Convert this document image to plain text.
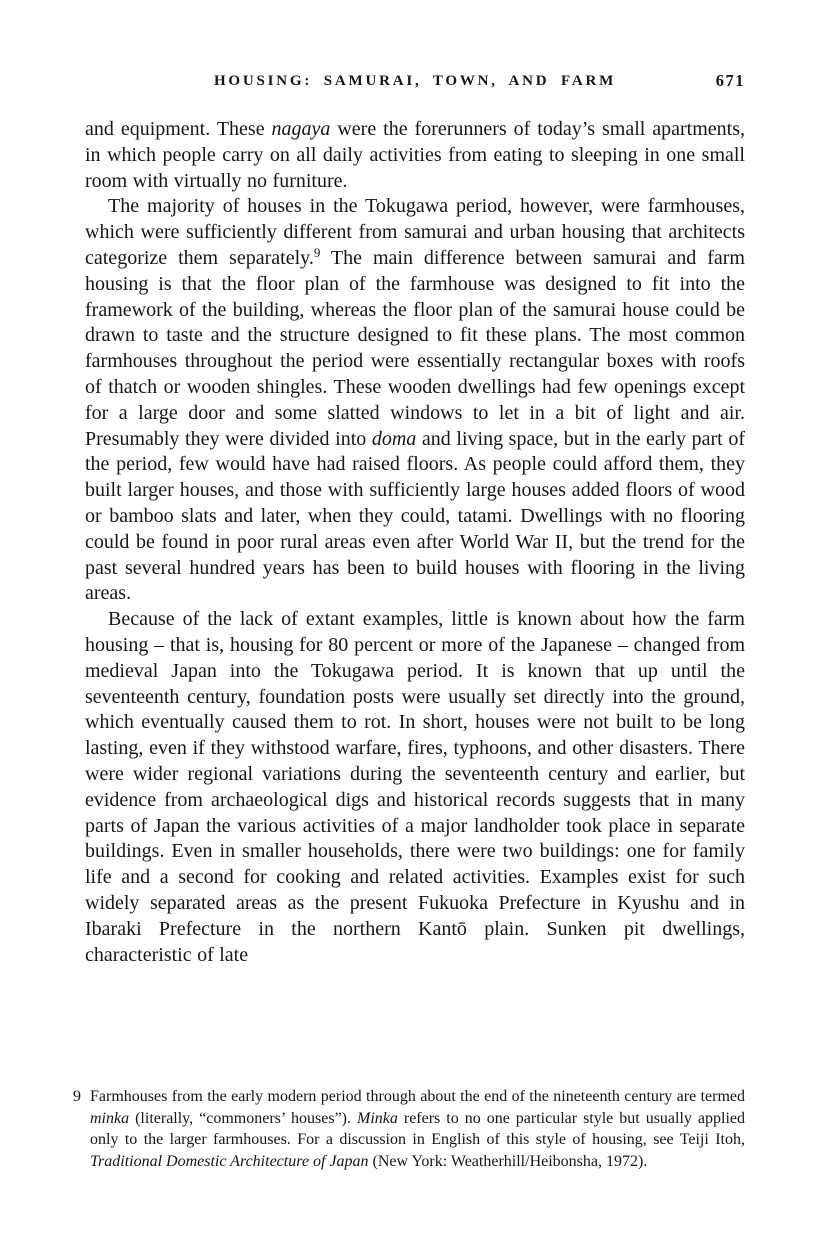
HOUSING: SAMURAI, TOWN, AND FARM	671

and equipment. These nagaya were the forerunners of today’s small apartments, in which people carry on all daily activities from eating to sleeping in one small room with virtually no furniture.

The majority of houses in the Tokugawa period, however, were farmhouses, which were sufficiently different from samurai and urban housing that architects categorize them separately.$^9$ The main difference between samurai and farm housing is that the floor plan of the farmhouse was designed to fit into the framework of the building, whereas the floor plan of the samurai house could be drawn to taste and the structure designed to fit these plans. The most common farmhouses throughout the period were essentially rectangular boxes with roofs of thatch or wooden shingles. These wooden dwellings had few openings except for a large door and some slatted windows to let in a bit of light and air. Presumably they were divided into doma and living space, but in the early part of the period, few would have had raised floors. As people could afford them, they built larger houses, and those with sufficiently large houses added floors of wood or bamboo slats and later, when they could, tatami. Dwellings with no flooring could be found in poor rural areas even after World War II, but the trend for the past several hundred years has been to build houses with flooring in the living areas.

Because of the lack of extant examples, little is known about how the farm housing – that is, housing for 80 percent or more of the Japanese – changed from medieval Japan into the Tokugawa period. It is known that up until the seventeenth century, foundation posts were usually set directly into the ground, which eventually caused them to rot. In short, houses were not built to be long lasting, even if they withstood warfare, fires, typhoons, and other disasters. There were wider regional variations during the seventeenth century and earlier, but evidence from archaeological digs and historical records suggests that in many parts of Japan the various activities of a major landholder took place in separate buildings. Even in smaller households, there were two buildings: one for family life and a second for cooking and related activities. Examples exist for such widely separated areas as the present Fukuoka Prefecture in Kyushu and in Ibaraki Prefecture in the northern Kantō plain. Sunken pit dwellings, characteristic of late

9 Farmhouses from the early modern period through about the end of the nineteenth century are termed minka (literally, “commoners’ houses”). Minka refers to no one particular style but usually applied only to the larger farmhouses. For a discussion in English of this style of housing, see Teiji Itoh, Traditional Domestic Architecture of Japan (New York: Weatherhill/Heibonsha, 1972).
